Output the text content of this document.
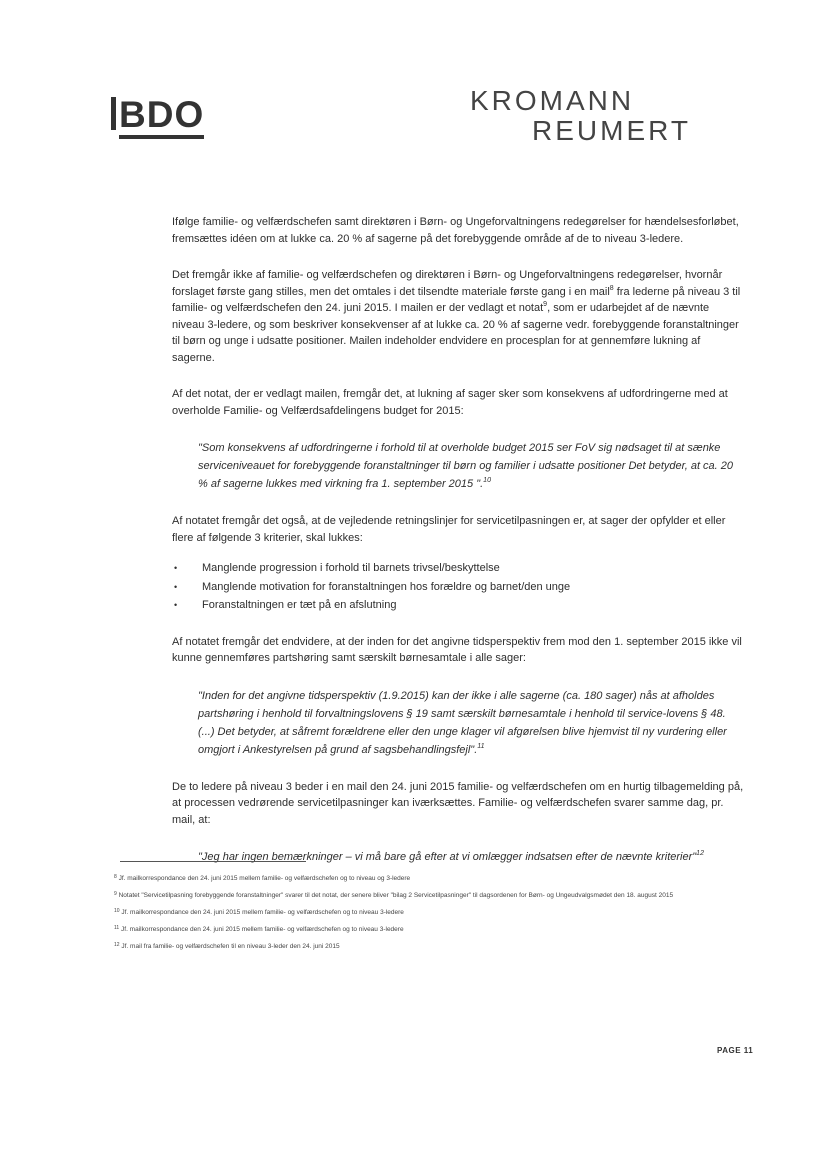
BDO	KROMANN
REUMERT

Ifølge familie- og velfærdschefen samt direktøren i Børn- og Ungeforvaltningens redegørelser for hændelsesforløbet, fremsættes idéen om at lukke ca. 20 % af sagerne på det forebyggende område af de to niveau 3-ledere.

Det fremgår ikke af familie- og velfærdschefen og direktøren i Børn- og Ungeforvaltningens redegørelser, hvornår forslaget første gang stilles, men det omtales i det tilsendte materiale første gang i en mail$^8$ fra lederne på niveau 3 til familie- og velfærdschefen den 24. juni 2015. I mailen er der vedlagt et notat$^9$, som er udarbejdet af de nævnte niveau 3-ledere, og som beskriver konsekvenser af at lukke ca. 20 % af sagerne vedr. forebyggende foranstaltninger til børn og unge i udsatte positioner. Mailen indeholder endvidere en procesplan for at gennemføre lukning af sagerne.

Af det notat, der er vedlagt mailen, fremgår det, at lukning af sager sker som konsekvens af udfordringerne med at overholde Familie- og Velfærdsafdelingens budget for 2015:

"Som konsekvens af udfordringerne i forhold til at overholde budget 2015 ser FoV sig nødsaget til at sænke serviceniveauet for forebyggende foranstaltninger til børn og familier i udsatte positioner Det betyder, at ca. 20 % af sagerne lukkes med virkning fra 1. september 2015 ".$^{10}$

Af notatet fremgår det også, at de vejledende retningslinjer for servicetilpasningen er, at sager der opfylder et eller flere af følgende 3 kriterier, skal lukkes:

• Manglende progression i forhold til barnets trivsel/beskyttelse
• Manglende motivation for foranstaltningen hos forældre og barnet/den unge
• Foranstaltningen er tæt på en afslutning

Af notatet fremgår det endvidere, at der inden for det angivne tidsperspektiv frem mod den 1. september 2015 ikke vil kunne gennemføres partshøring samt særskilt børnesamtale i alle sager:

"Inden for det angivne tidsperspektiv (1.9.2015) kan der ikke i alle sagerne (ca. 180 sager) nås at afholdes partshøring i henhold til forvaltningslovens § 19 samt særskilt børnesamtale i henhold til service-lovens § 48. (...) Det betyder, at såfremt forældrene eller den unge klager vil afgørelsen blive hjemvist til ny vurdering eller omgjort i Ankestyrelsen på grund af sagsbehandlingsfejl".$^{11}$

De to ledere på niveau 3 beder i en mail den 24. juni 2015 familie- og velfærdschefen om en hurtig tilbagemelding på, at processen vedrørende servicetilpasninger kan iværksættes. Familie- og velfærdschefen svarer samme dag, pr. mail, at:

"Jeg har ingen bemærkninger – vi må bare gå efter at vi omlægger indsatsen efter de nævnte kriterier"$^{12}$
$^8$ Jf. mailkorrespondance den 24. juni 2015 mellem familie- og velfærdschefen og to niveau og 3-ledere
$^9$ Notatet "Servicetilpasning forebyggende foranstaltninger" svarer til det notat, der senere bliver "bilag 2 Servicetilpasninger" til dagsordenen for Børn- og Ungeudvalgsmødet den 18. august 2015
$^{10}$ Jf. mailkorrespondance den 24. juni 2015 mellem familie- og velfærdschefen og to niveau 3-ledere
$^{11}$ Jf. mailkorrespondance den 24. juni 2015 mellem familie- og velfærdschefen og to niveau 3-ledere
$^{12}$ Jf. mail fra familie- og velfærdschefen til en niveau 3-leder den 24. juni 2015
PAGE 11
